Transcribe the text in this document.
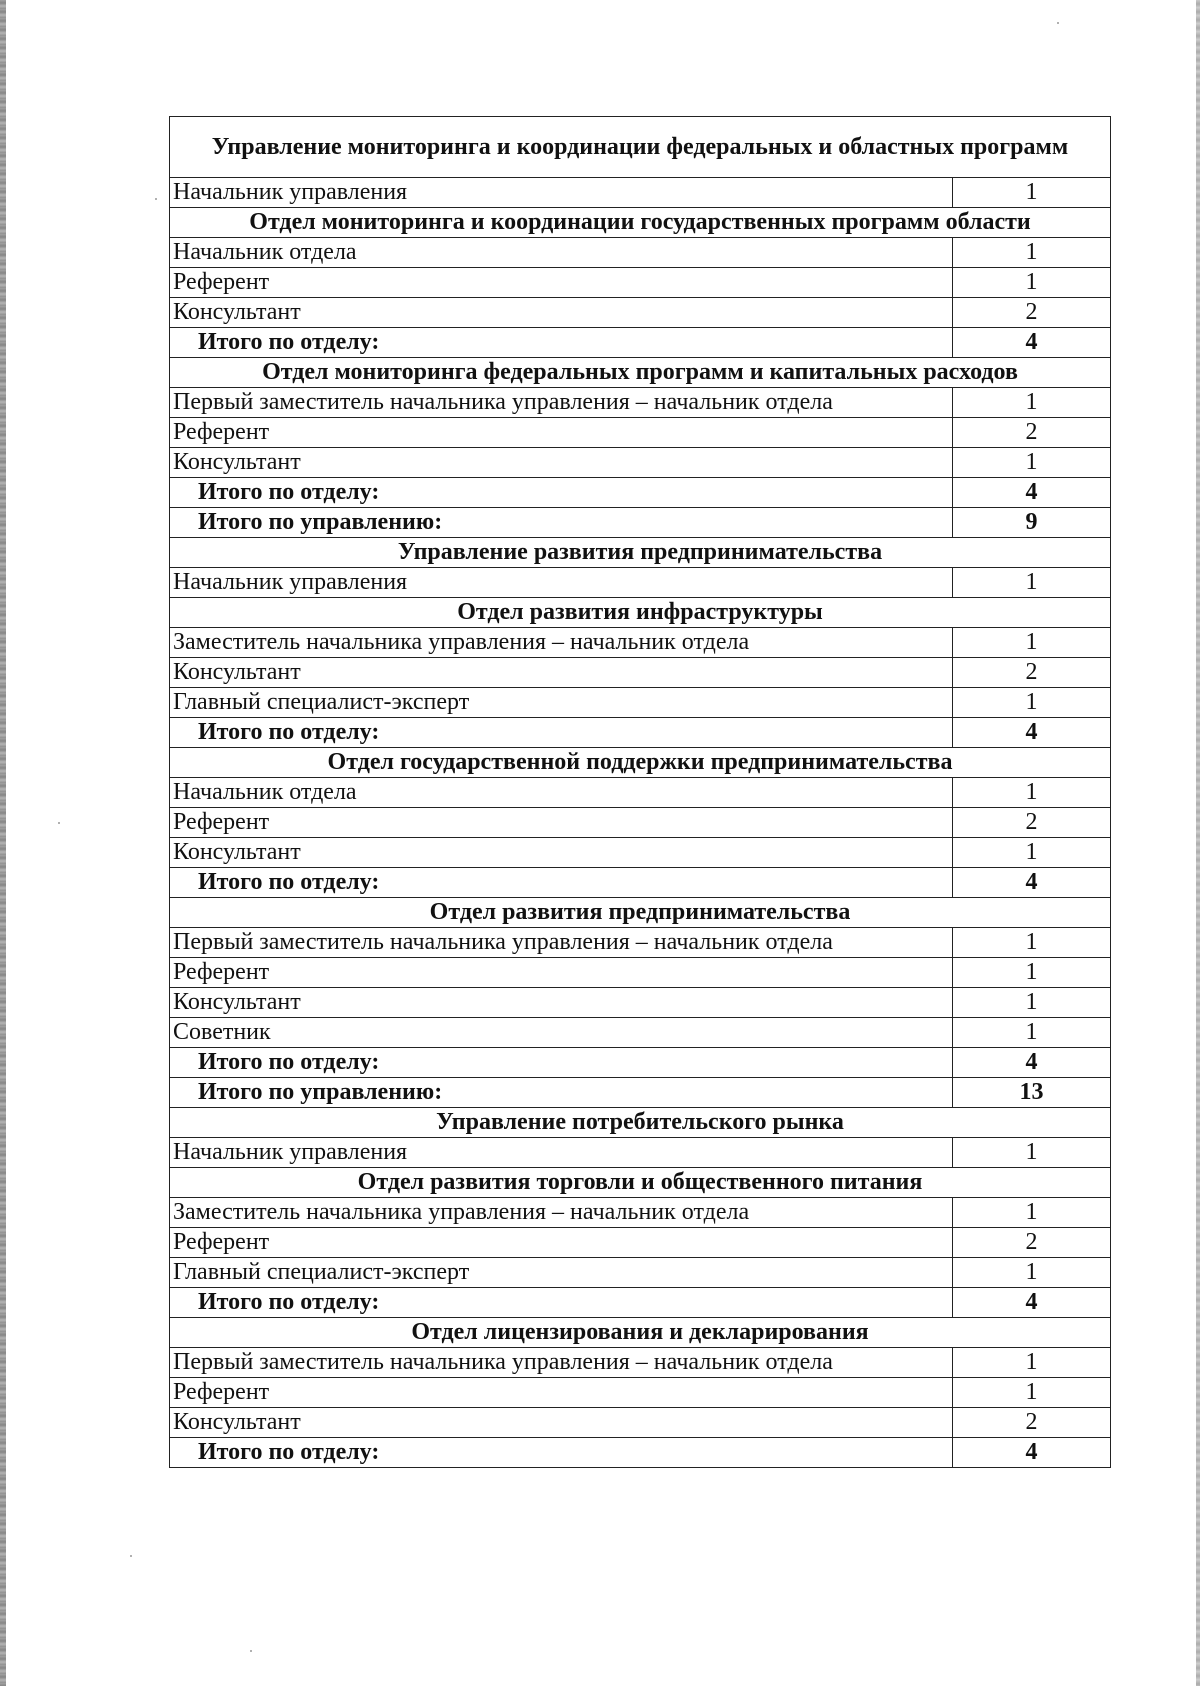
Управление мониторинга и координации федеральных и областных программ	
Начальник управления	1
Отдел мониторинга и координации государственных программ области	
Начальник отдела	1
Референт	1
Консультант	2
Итого по отделу:	4
Отдел мониторинга федеральных программ и капитальных расходов	
Первый заместитель начальника управления – начальник отдела	1
Референт	2
Консультант	1
Итого по отделу:	4
Итого по управлению:	9
Управление развития предпринимательства	
Начальник управления	1
Отдел развития инфраструктуры	
Заместитель начальника управления – начальник отдела	1
Консультант	2
Главный специалист-эксперт	1
Итого по отделу:	4
Отдел государственной поддержки предпринимательства	
Начальник отдела	1
Референт	2
Консультант	1
Итого по отделу:	4
Отдел развития предпринимательства	
Первый заместитель начальника управления – начальник отдела	1
Референт	1
Консультант	1
Советник	1
Итого по отделу:	4
Итого по управлению:	13
Управление потребительского рынка	
Начальник управления	1
Отдел развития торговли и общественного питания	
Заместитель начальника управления – начальник отдела	1
Референт	2
Главный специалист-эксперт	1
Итого по отделу:	4
Отдел лицензирования и декларирования	
Первый заместитель начальника управления – начальник отдела	1
Референт	1
Консультант	2
Итого по отделу:	4
